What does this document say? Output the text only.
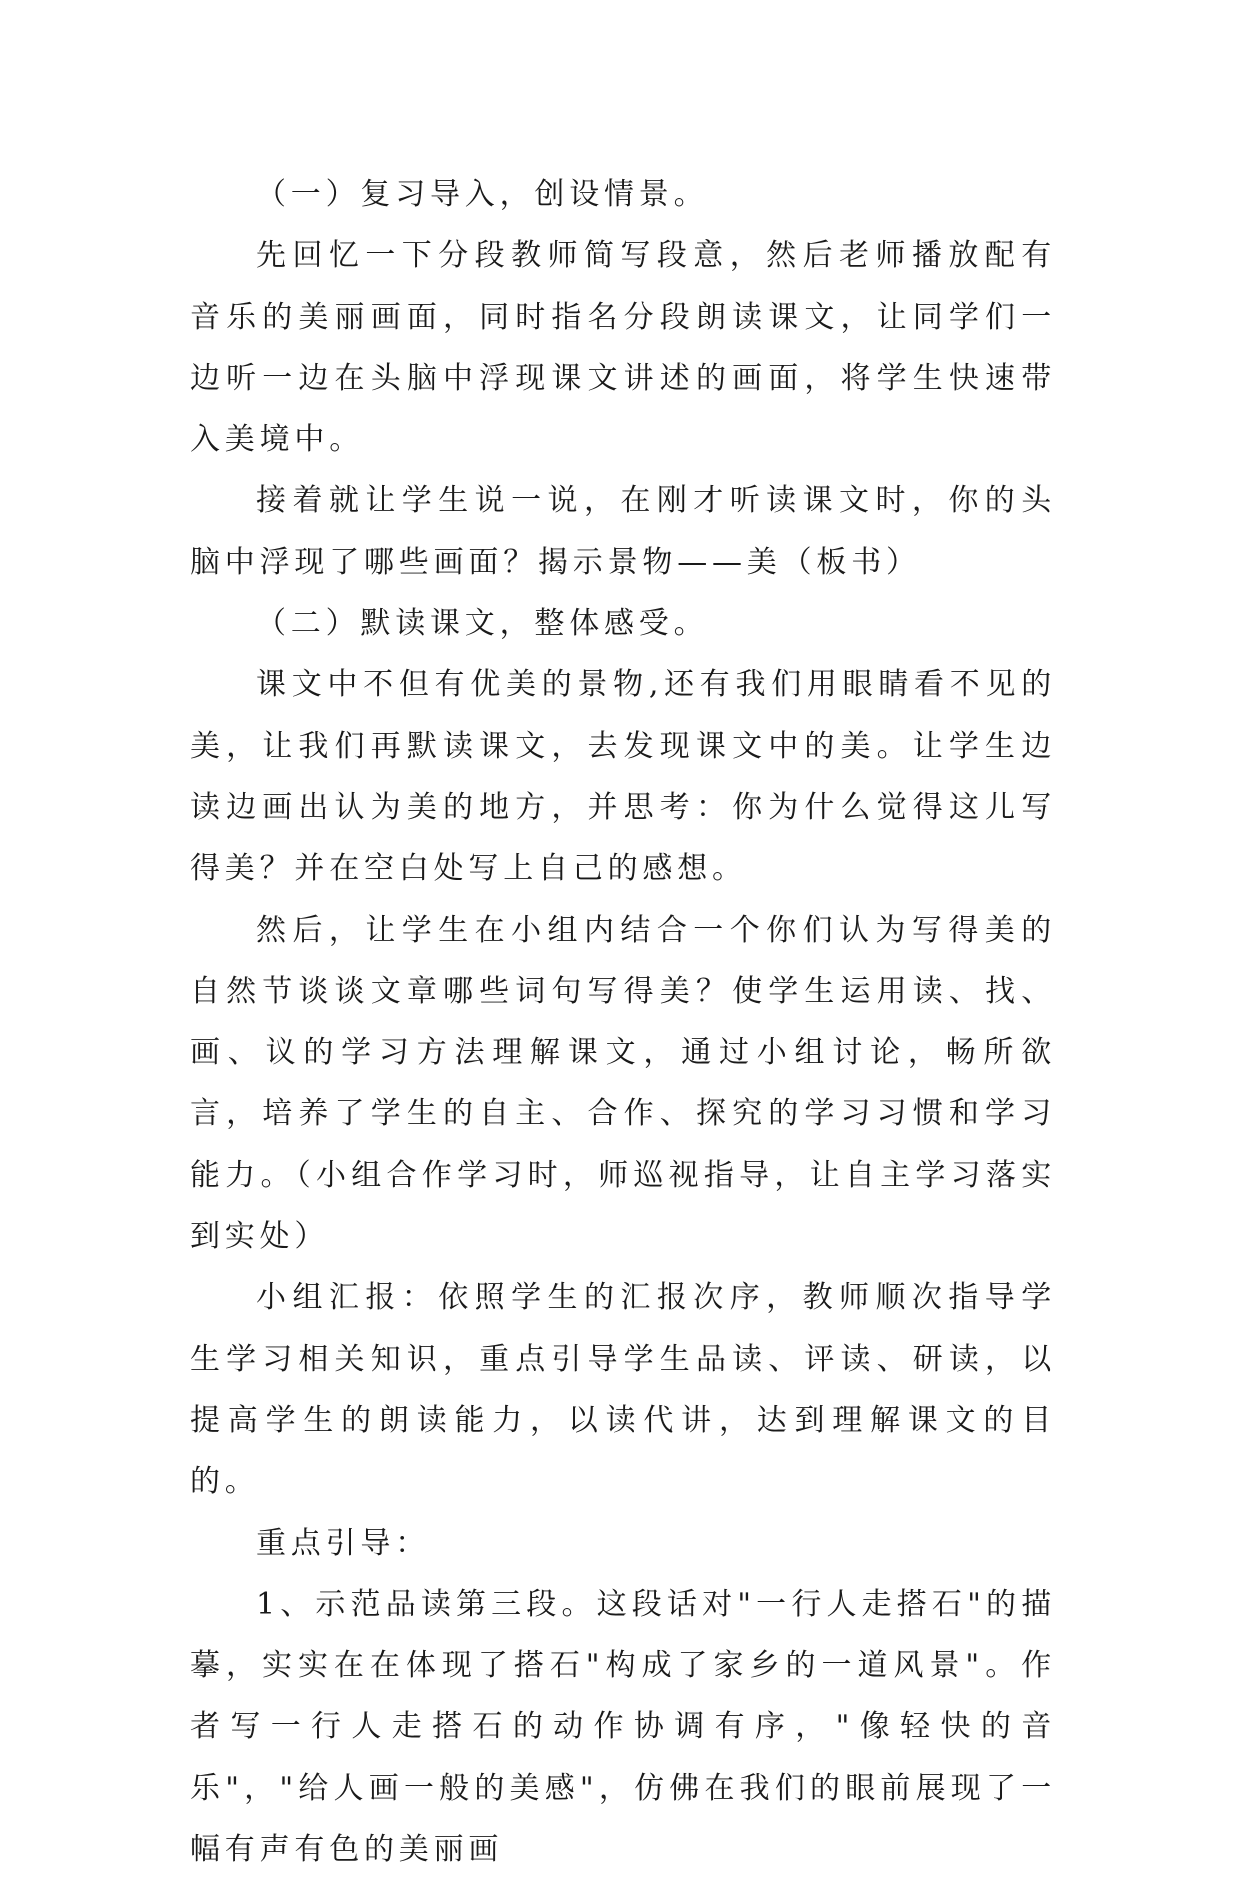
（一）复习导入，创设情景。

先回忆一下分段教师简写段意，然后老师播放配有音乐的美丽画面，同时指名分段朗读课文，让同学们一边听一边在头脑中浮现课文讲述的画面，将学生快速带入美境中。

接着就让学生说一说，在刚才听读课文时，你的头脑中浮现了哪些画面？揭示景物——美（板书）

（二）默读课文，整体感受。

课文中不但有优美的景物,还有我们用眼睛看不见的美，让我们再默读课文，去发现课文中的美。让学生边读边画出认为美的地方，并思考：你为什么觉得这儿写得美？并在空白处写上自己的感想。

然后，让学生在小组内结合一个你们认为写得美的自然节谈谈文章哪些词句写得美？使学生运用读、找、画、议的学习方法理解课文，通过小组讨论，畅所欲言，培养了学生的自主、合作、探究的学习习惯和学习能力。（小组合作学习时，师巡视指导，让自主学习落实到实处）

小组汇报：依照学生的汇报次序，教师顺次指导学生学习相关知识，重点引导学生品读、评读、研读，以提高学生的朗读能力，以读代讲，达到理解课文的目的。

重点引导：

1、示范品读第三段。这段话对"一行人走搭石"的描摹，实实在在体现了搭石"构成了家乡的一道风景"。作者写一行人走搭石的动作协调有序，"像轻快的音乐"，"给人画一般的美感"，仿佛在我们的眼前展现了一幅有声有色的美丽画
